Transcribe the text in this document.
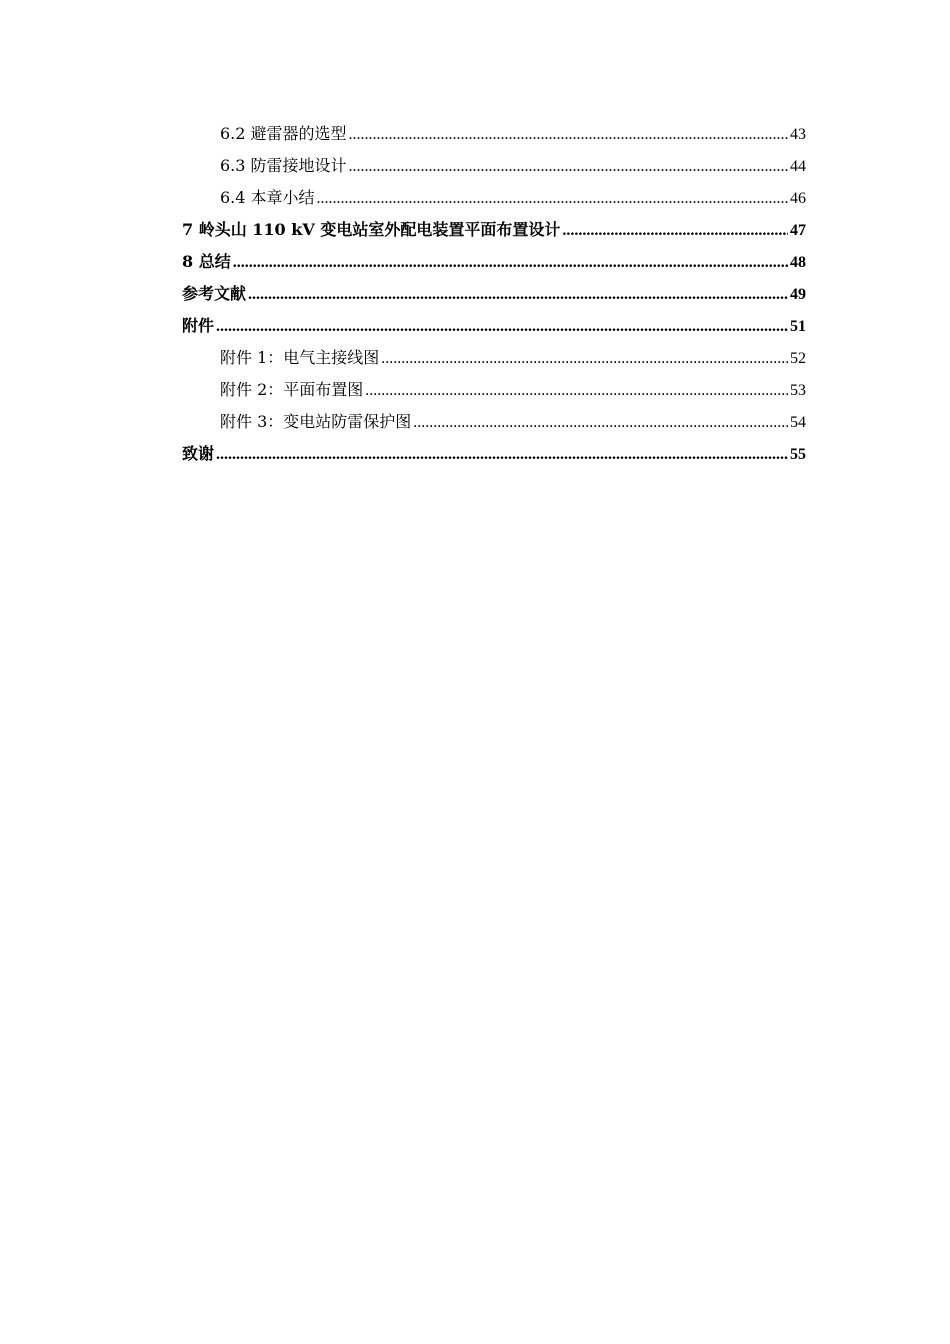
6.2 避雷器的选型 .....	43
6.3 防雷接地设计 .....	44
6.4 本章小结 .....	46
7 岭头山 110 kV 变电站室外配电装置平面布置设计 .....	47
8 总结 .....	48
参考文献 .....	49
附件 .....	51
附件 1：电气主接线图 .....	52
附件 2：平面布置图 .....	53
附件 3：变电站防雷保护图 .....	54
致谢 .....	55
